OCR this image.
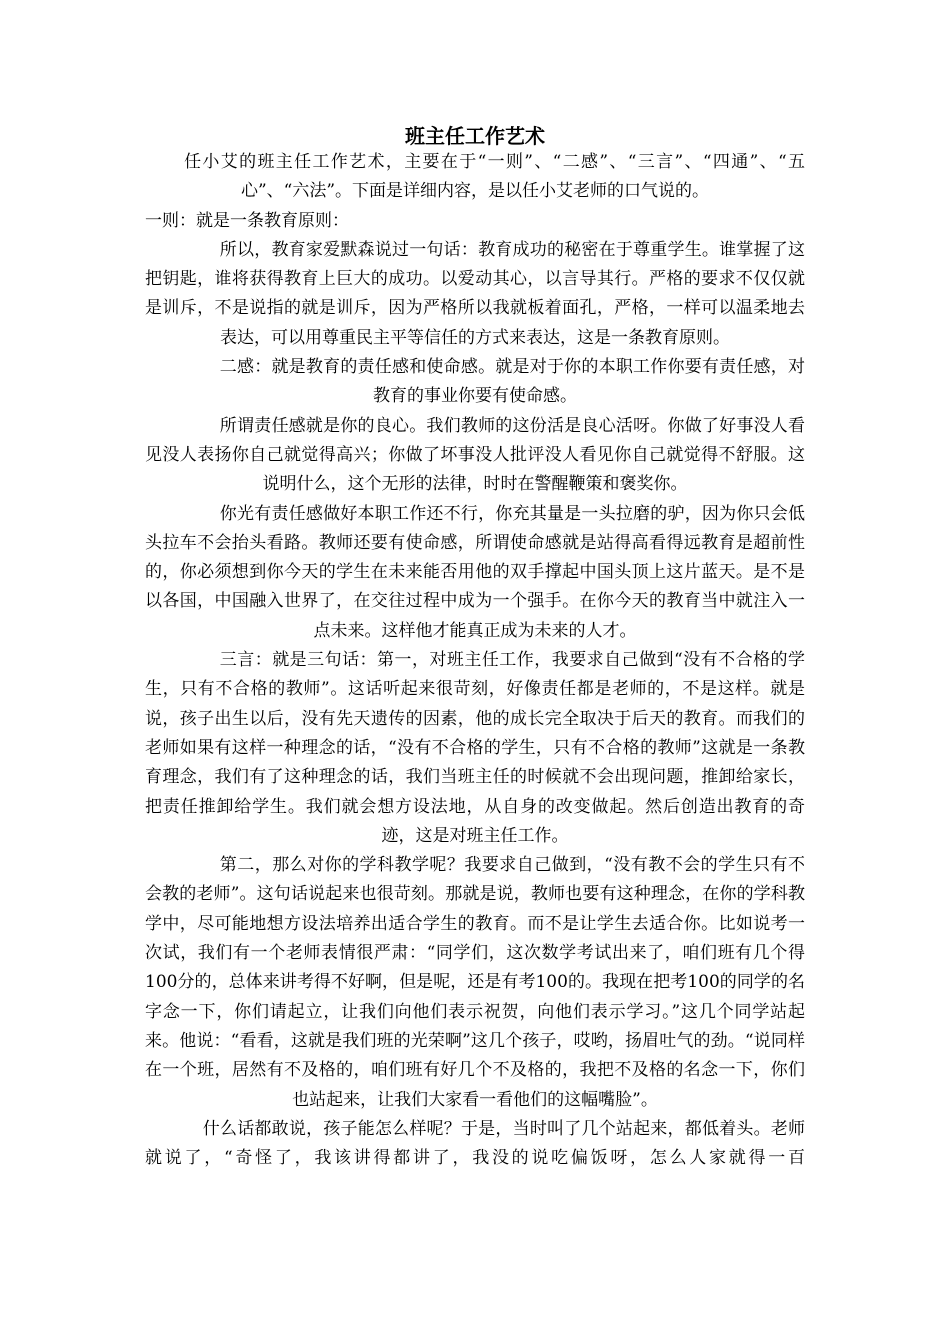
班主任工作艺术

任小艾的班主任工作艺术，主要在于“一则”、“二感”、“三言”、“四通”、“五心”、“六法”。下面是详细内容，是以任小艾老师的口气说的。

一则：就是一条教育原则：

所以，教育家爱默森说过一句话：教育成功的秘密在于尊重学生。谁掌握了这把钥匙，谁将获得教育上巨大的成功。以爱动其心，以言导其行。严格的要求不仅仅就是训斥，不是说指的就是训斥，因为严格所以我就板着面孔，严格，一样可以温柔地去表达，可以用尊重民主平等信任的方式来表达，这是一条教育原则。

二感：就是教育的责任感和使命感。就是对于你的本职工作你要有责任感，对教育的事业你要有使命感。

所谓责任感就是你的良心。我们教师的这份活是良心活呀。你做了好事没人看见没人表扬你自己就觉得高兴；你做了坏事没人批评没人看见你自己就觉得不舒服。这说明什么，这个无形的法律，时时在警醒鞭策和褒奖你。

你光有责任感做好本职工作还不行，你充其量是一头拉磨的驴，因为你只会低头拉车不会抬头看路。教师还要有使命感，所谓使命感就是站得高看得远教育是超前性的，你必须想到你今天的学生在未来能否用他的双手撑起中国头顶上这片蓝天。是不是以各国，中国融入世界了，在交往过程中成为一个强手。在你今天的教育当中就注入一点未来。这样他才能真正成为未来的人才。

三言：就是三句话：第一，对班主任工作，我要求自己做到“没有不合格的学生，只有不合格的教师”。这话听起来很苛刻，好像责任都是老师的，不是这样。就是说，孩子出生以后，没有先天遗传的因素，他的成长完全取决于后天的教育。而我们的老师如果有这样一种理念的话，“没有不合格的学生，只有不合格的教师”这就是一条教育理念，我们有了这种理念的话，我们当班主任的时候就不会出现问题，推卸给家长，把责任推卸给学生。我们就会想方设法地，从自身的改变做起。然后创造出教育的奇迹，这是对班主任工作。

第二，那么对你的学科教学呢？我要求自己做到，“没有教不会的学生只有不会教的老师”。这句话说起来也很苛刻。那就是说，教师也要有这种理念，在你的学科教学中，尽可能地想方设法培养出适合学生的教育。而不是让学生去适合你。比如说考一次试，我们有一个老师表情很严肃：“同学们，这次数学考试出来了，咱们班有几个得100分的，总体来讲考得不好啊，但是呢，还是有考100的。我现在把考100的同学的名字念一下，你们请起立，让我们向他们表示祝贺，向他们表示学习。”这几个同学站起来。他说：“看看，这就是我们班的光荣啊”这几个孩子，哎哟，扬眉吐气的劲。“说同样在一个班，居然有不及格的，咱们班有好几个不及格的，我把不及格的名念一下，你们也站起来，让我们大家看一看他们的这幅嘴脸”。

什么话都敢说，孩子能怎么样呢？于是，当时叫了几个站起来，都低着头。老师就说了，“奇怪了，我该讲得都讲了，我没的说吃偏饭呀，怎么人家就得一百
